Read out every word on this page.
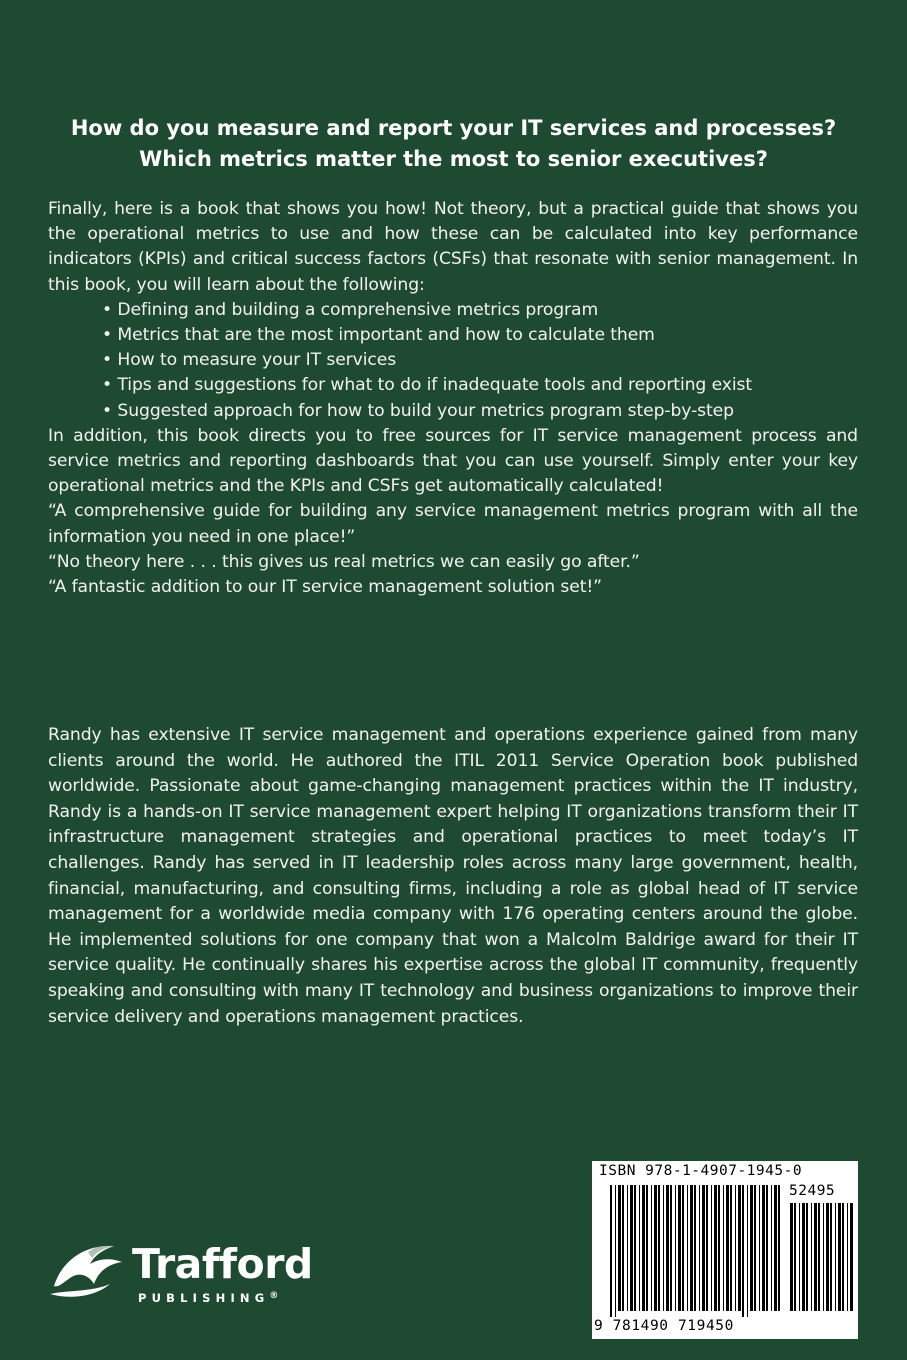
How do you measure and report your IT services and processes?
Which metrics matter the most to senior executives?

Finally, here is a book that shows you how! Not theory, but a practical guide that shows you the operational metrics to use and how these can be calculated into key performance indicators (KPIs) and critical success factors (CSFs) that resonate with senior management. In this book, you will learn about the following:

• Defining and building a comprehensive metrics program
• Metrics that are the most important and how to calculate them
• How to measure your IT services
• Tips and suggestions for what to do if inadequate tools and reporting exist
• Suggested approach for how to build your metrics program step-by-step

In addition, this book directs you to free sources for IT service management process and service metrics and reporting dashboards that you can use yourself. Simply enter your key operational metrics and the KPIs and CSFs get automatically calculated!

“A comprehensive guide for building any service management metrics program with all the information you need in one place!”

“No theory here . . . this gives us real metrics we can easily go after.”

“A fantastic addition to our IT service management solution set!”

Randy has extensive IT service management and operations experience gained from many clients around the world. He authored the ITIL 2011 Service Operation book published worldwide. Passionate about game-changing management practices within the IT industry, Randy is a hands-on IT service management expert helping IT organizations transform their IT infrastructure management strategies and operational practices to meet today’s IT challenges. Randy has served in IT leadership roles across many large government, health, financial, manufacturing, and consulting firms, including a role as global head of IT service management for a worldwide media company with 176 operating centers around the globe. He implemented solutions for one company that won a Malcolm Baldrige award for their IT service quality. He continually shares his expertise across the global IT community, frequently speaking and consulting with many IT technology and business organizations to improve their service delivery and operations management practices.

ISBN 978-1-4907-1945-0
52495
9 781490 719450
Trafford
PUBLISHING®
